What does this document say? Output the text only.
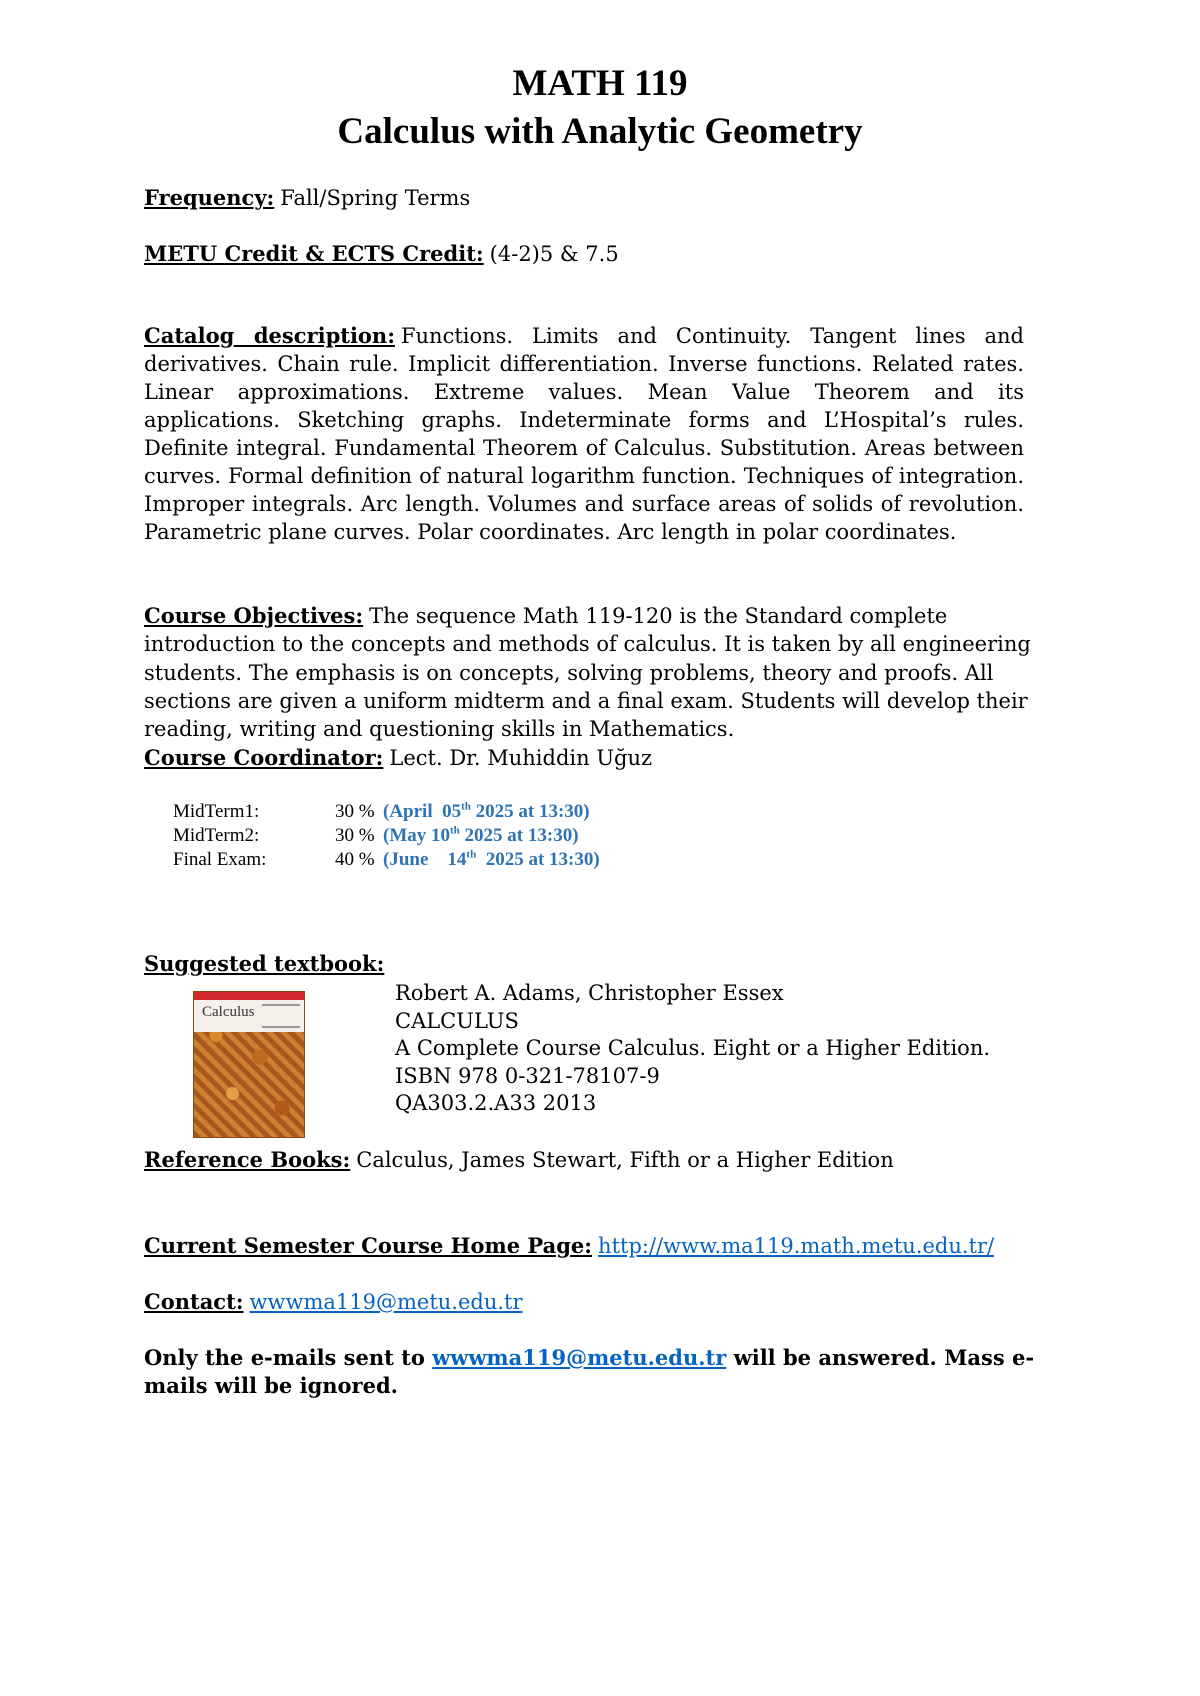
MATH 119
Calculus with Analytic Geometry
Frequency: Fall/Spring Terms
METU Credit & ECTS Credit: (4-2)5 & 7.5
Catalog description: Functions. Limits and Continuity. Tangent lines and derivatives. Chain rule. Implicit differentiation. Inverse functions. Related rates. Linear approximations. Extreme values. Mean Value Theorem and its applications. Sketching graphs. Indeterminate forms and L’Hospital’s rules. Definite integral. Fundamental Theorem of Calculus. Substitution. Areas between curves. Formal definition of natural logarithm function. Techniques of integration. Improper integrals. Arc length. Volumes and surface areas of solids of revolution. Parametric plane curves. Polar coordinates. Arc length in polar coordinates.
Course Objectives: The sequence Math 119-120 is the Standard complete introduction to the concepts and methods of calculus. It is taken by all engineering students. The emphasis is on concepts, solving problems, theory and proofs. All sections are given a uniform midterm and a final exam. Students will develop their reading, writing and questioning skills in Mathematics.
Course Coordinator: Lect. Dr. Muhiddin Uğuz
MidTerm1:	30 % (April  05th 2025 at 13:30)
MidTerm2:	30 % (May 10th 2025 at 13:30)
Final Exam:	40 % (June    14th  2025 at 13:30)
Suggested textbook:
Calculus
Robert A. Adams, Christopher Essex
CALCULUS
A Complete Course Calculus. Eight or a Higher Edition.
ISBN 978 0-321-78107-9
QA303.2.A33 2013
Reference Books: Calculus, James Stewart, Fifth or a Higher Edition
Current Semester Course Home Page: http://www.ma119.math.metu.edu.tr/
Contact: wwwma119@metu.edu.tr
Only the e-mails sent to wwwma119@metu.edu.tr will be answered. Mass e-mails will be ignored.
